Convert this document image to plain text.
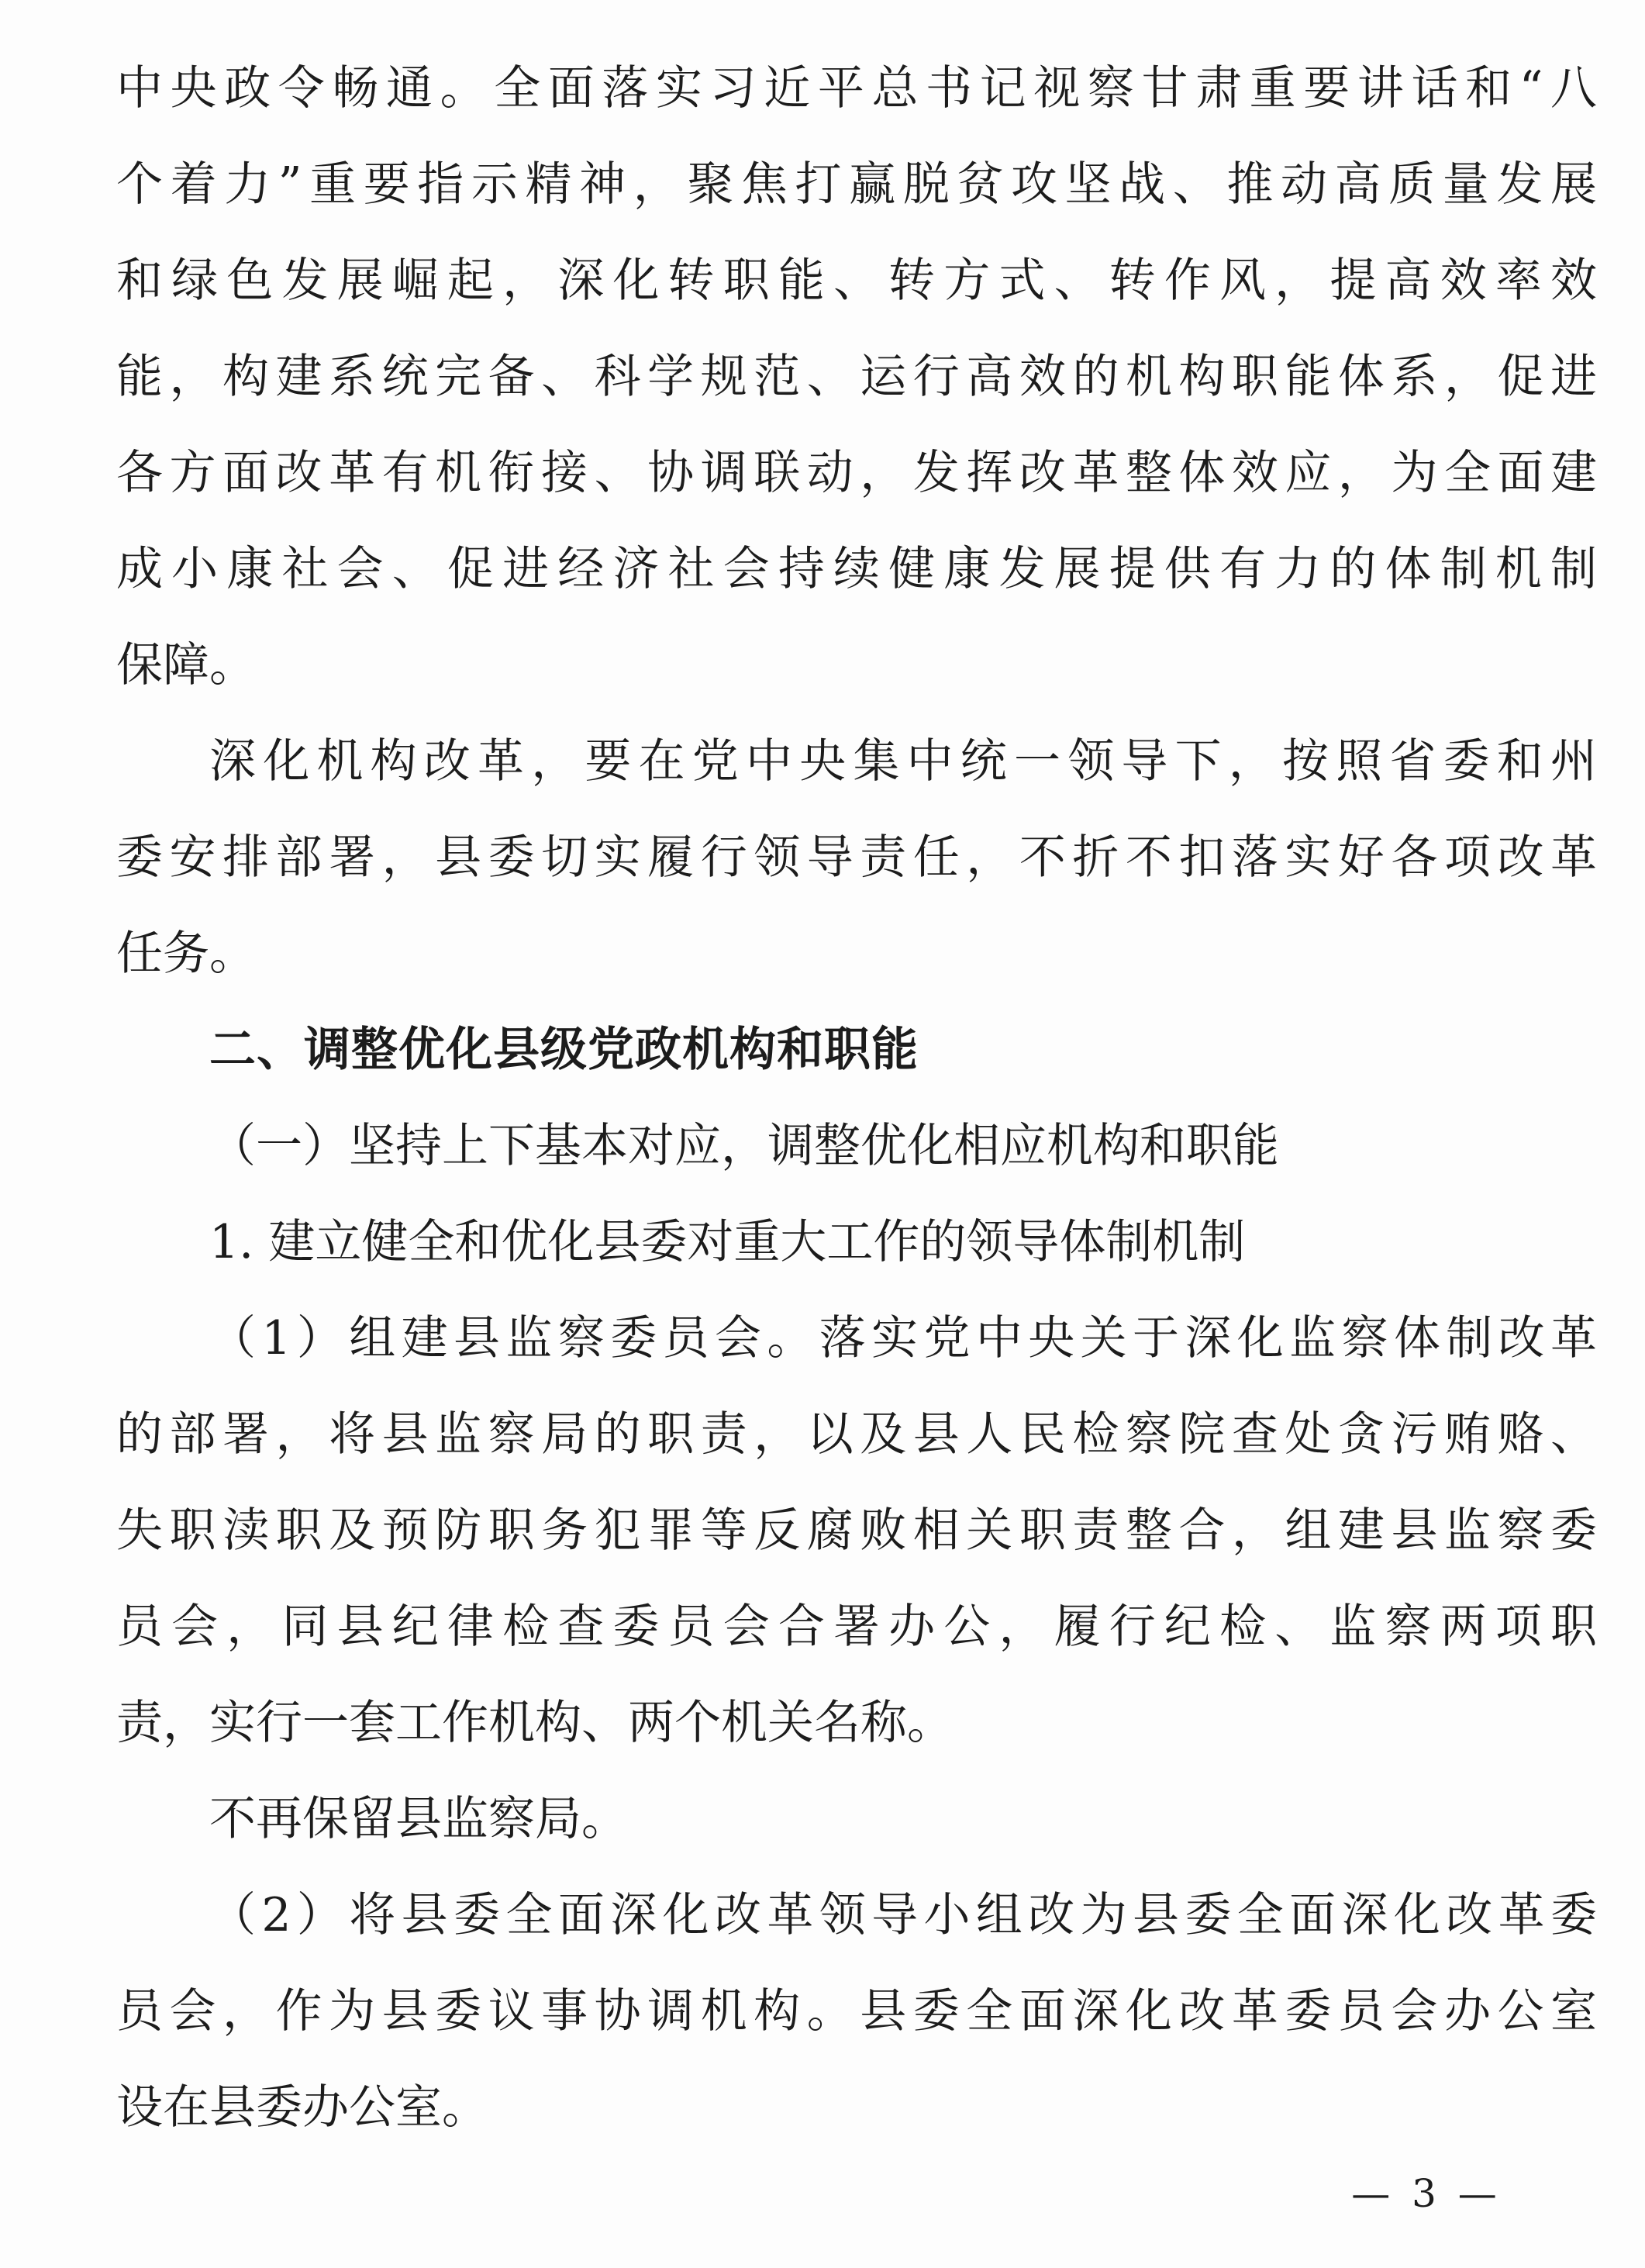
中央政令畅通。全面落实习近平总书记视察甘肃重要讲话和“八
个着力”重要指示精神，聚焦打赢脱贫攻坚战、推动高质量发展
和绿色发展崛起，深化转职能、转方式、转作风，提高效率效
能，构建系统完备、科学规范、运行高效的机构职能体系，促进
各方面改革有机衔接、协调联动，发挥改革整体效应，为全面建
成小康社会、促进经济社会持续健康发展提供有力的体制机制
保障。
深化机构改革，要在党中央集中统一领导下，按照省委和州
委安排部署，县委切实履行领导责任，不折不扣落实好各项改革
任务。
二、调整优化县级党政机构和职能
（一）坚持上下基本对应，调整优化相应机构和职能
1. 建立健全和优化县委对重大工作的领导体制机制
（1）组建县监察委员会。落实党中央关于深化监察体制改革
的部署，将县监察局的职责，以及县人民检察院查处贪污贿赂、
失职渎职及预防职务犯罪等反腐败相关职责整合，组建县监察委
员会，同县纪律检查委员会合署办公，履行纪检、监察两项职
责，实行一套工作机构、两个机关名称。
不再保留县监察局。
（2）将县委全面深化改革领导小组改为县委全面深化改革委
员会，作为县委议事协调机构。县委全面深化改革委员会办公室
设在县委办公室。
— 3 —
